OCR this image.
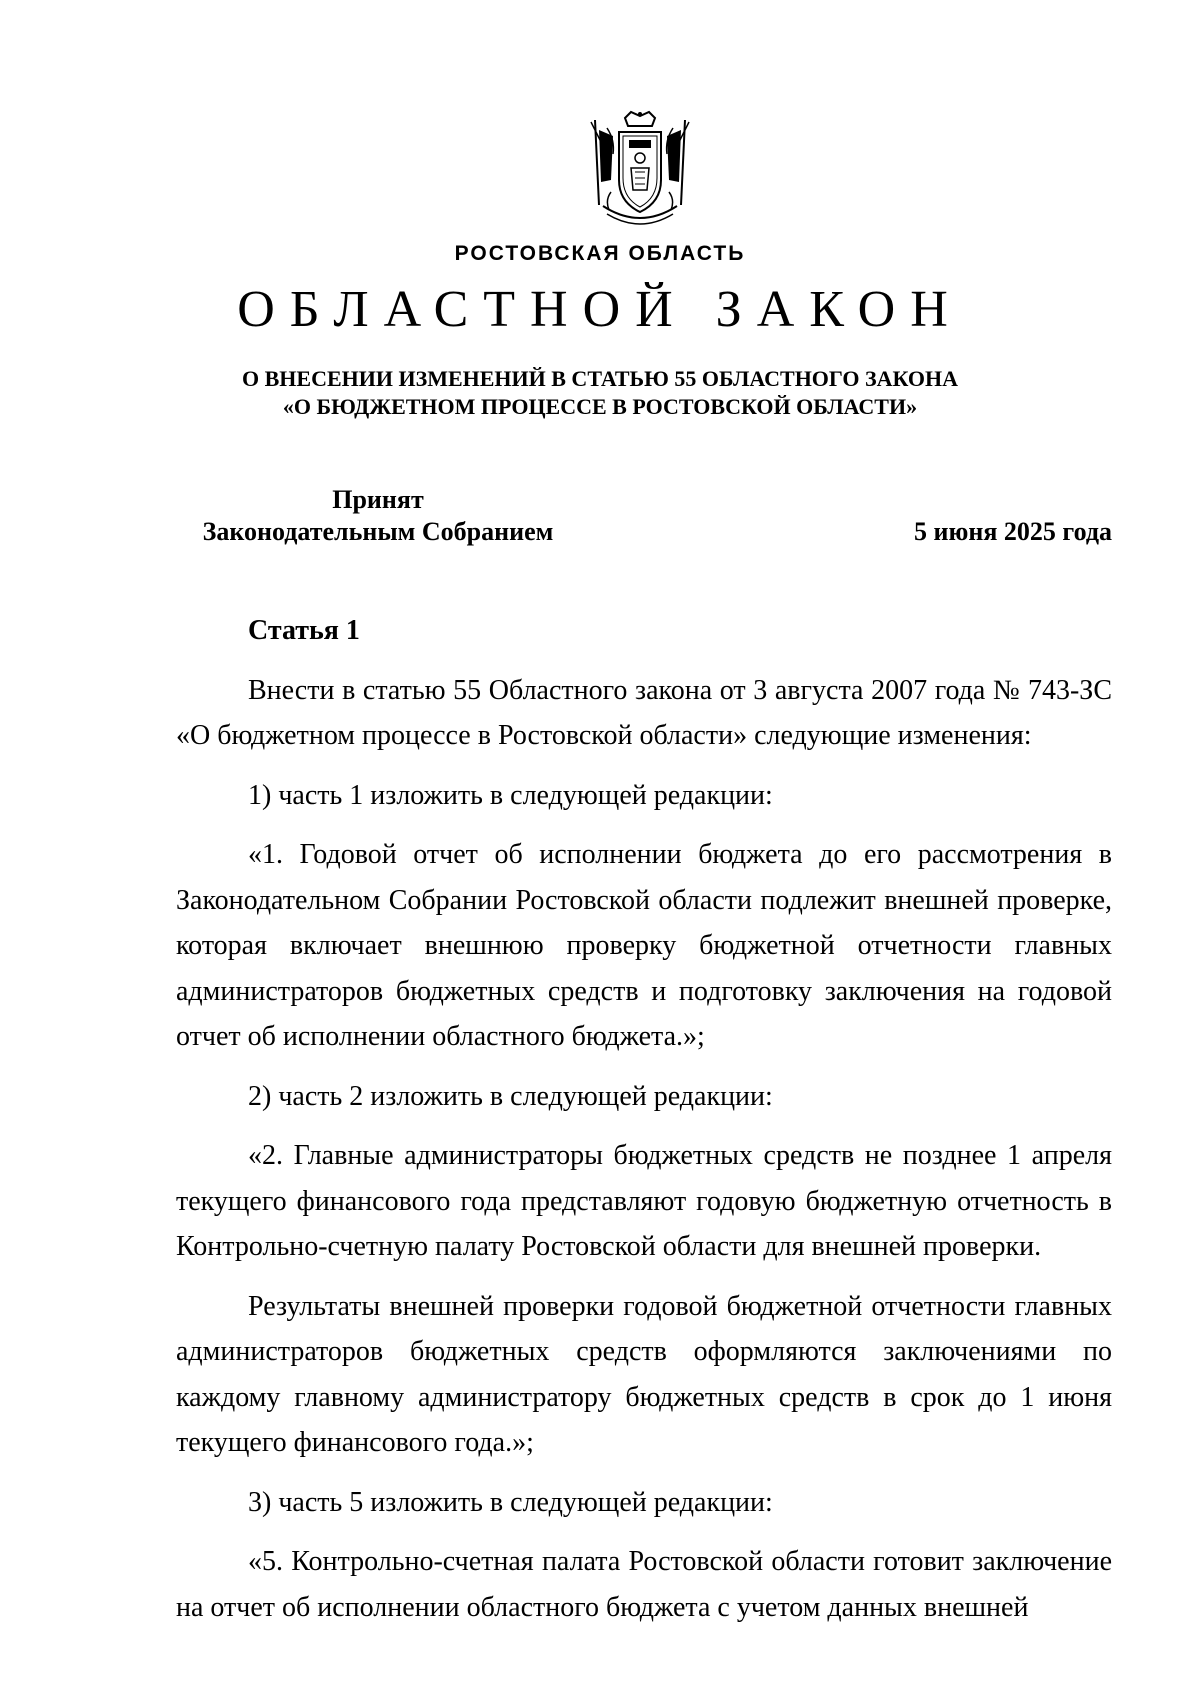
РОСТОВСКАЯ ОБЛАСТЬ
ОБЛАСТНОЙ ЗАКОН
О ВНЕСЕНИИ ИЗМЕНЕНИЙ В СТАТЬЮ 55 ОБЛАСТНОГО ЗАКОНА
«О БЮДЖЕТНОМ ПРОЦЕССЕ В РОСТОВСКОЙ ОБЛАСТИ»
Принят
Законодательным Собранием	5 июня 2025 года
Статья 1

Внести в статью 55 Областного закона от 3 августа 2007 года № 743-ЗС «О бюджетном процессе в Ростовской области» следующие изменения:

1) часть 1 изложить в следующей редакции:

«1. Годовой отчет об исполнении бюджета до его рассмотрения в Законодательном Собрании Ростовской области подлежит внешней проверке, которая включает внешнюю проверку бюджетной отчетности главных администраторов бюджетных средств и подготовку заключения на годовой отчет об исполнении областного бюджета.»;

2) часть 2 изложить в следующей редакции:

«2. Главные администраторы бюджетных средств не позднее 1 апреля текущего финансового года представляют годовую бюджетную отчетность в Контрольно-счетную палату Ростовской области для внешней проверки.

Результаты внешней проверки годовой бюджетной отчетности главных администраторов бюджетных средств оформляются заключениями по каждому главному администратору бюджетных средств в срок до 1 июня текущего финансового года.»;

3) часть 5 изложить в следующей редакции:

«5. Контрольно-счетная палата Ростовской области готовит заключение на отчет об исполнении областного бюджета с учетом данных внешней
